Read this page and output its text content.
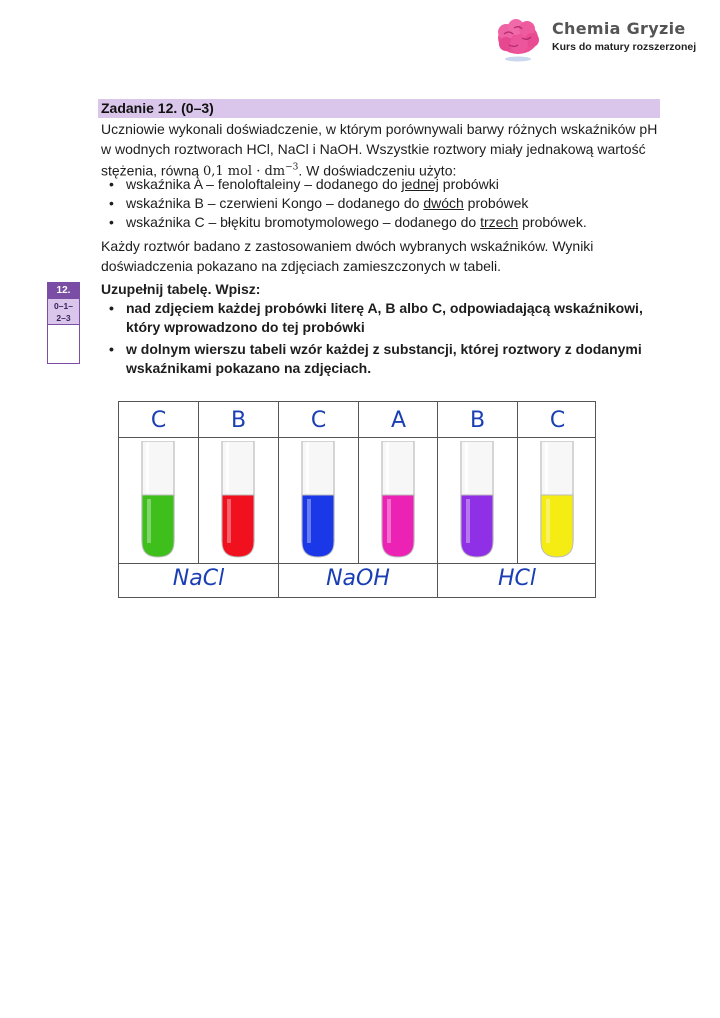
Chemia Gryzie
Kurs do matury rozszerzonej
Zadanie 12. (0–3)
Uczniowie wykonali doświadczenie, w którym porównywali barwy różnych wskaźników pH w wodnych roztworach HCl, NaCl i NaOH. Wszystkie roztwory miały jednakową wartość stężenia, równą 0,1 mol · $dm^{-3}$. W doświadczeniu użyto:
• wskaźnika A – fenoloftaleiny – dodanego do jednej probówki
• wskaźnika B – czerwieni Kongo – dodanego do dwóch probówek
• wskaźnika C – błękitu bromotymolowego – dodanego do trzech probówek.
Każdy roztwór badano z zastosowaniem dwóch wybranych wskaźników. Wyniki doświadczenia pokazano na zdjęciach zamieszczonych w tabeli.
Uzupełnij tabelę. Wpisz:
• nad zdjęciem każdej probówki literę A, B albo C, odpowiadającą wskaźnikowi, który wprowadzono do tej probówki
• w dolnym wierszu tabeli wzór każdej z substancji, której roztwory z dodanymi wskaźnikami pokazano na zdjęciach.
12.
0–1–
2–3
C	B	C	A	B	C
NaCl	NaOH	HCl
